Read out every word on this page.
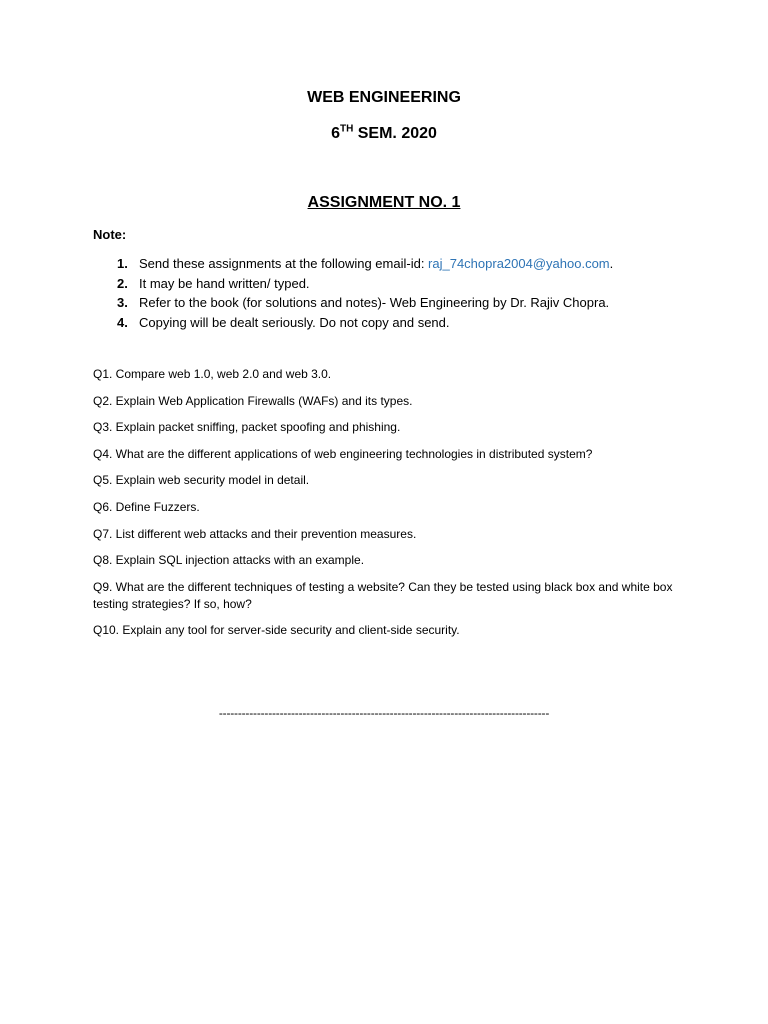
WEB ENGINEERING
6TH SEM. 2020
ASSIGNMENT NO. 1
Note:
1. Send these assignments at the following email-id: raj_74chopra2004@yahoo.com.
2. It may be hand written/ typed.
3. Refer to the book (for solutions and notes)- Web Engineering by Dr. Rajiv Chopra.
4. Copying will be dealt seriously. Do not copy and send.

Q1. Compare web 1.0, web 2.0 and web 3.0.

Q2. Explain Web Application Firewalls (WAFs) and its types.

Q3. Explain packet sniffing, packet spoofing and phishing.

Q4. What are the different applications of web engineering technologies in distributed system?

Q5. Explain web security model in detail.

Q6. Define Fuzzers.

Q7. List different web attacks and their prevention measures.

Q8. Explain SQL injection attacks with an example.

Q9. What are the different techniques of testing a website? Can they be tested using black box and white box testing strategies? If so, how?

Q10. Explain any tool for server-side security and client-side security.

---------------------------------------------------------------------------------------
